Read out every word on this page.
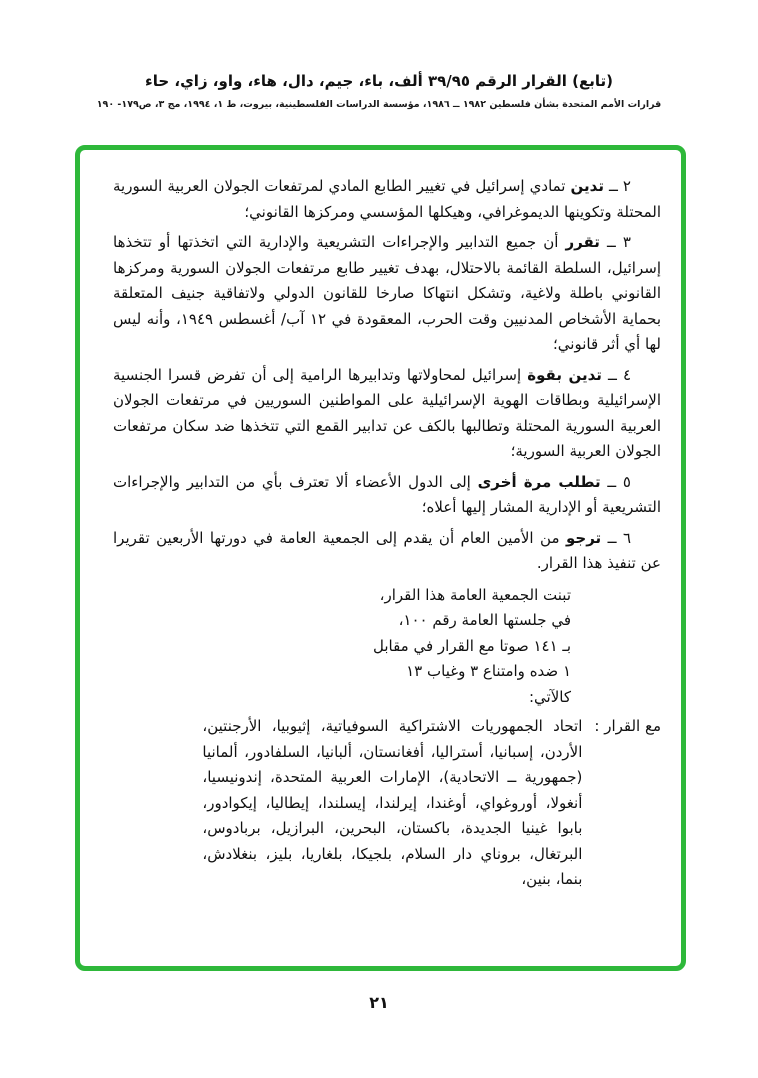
(تابع) القرار الرقم ٣٩/٩٥ ألف، باء، جيم، دال، هاء، واو، زاي، حاء
قرارات الأمم المتحدة بشأن فلسطين ١٩٨٢ ــ ١٩٨٦، مؤسسة الدراسات الفلسطينية، بيروت، ط ١، ١٩٩٤، مج ٣، ص١٧٩- ١٩٠

٢ ــ تدين تمادي إسرائيل في تغيير الطابع المادي لمرتفعات الجولان العربية السورية المحتلة وتكوينها الديموغرافي، وهيكلها المؤسسي ومركزها القانوني؛

٣ ــ تقرر أن جميع التدابير والإجراءات التشريعية والإدارية التي اتخذتها أو تتخذها إسرائيل، السلطة القائمة بالاحتلال، بهدف تغيير طابع مرتفعات الجولان السورية ومركزها القانوني باطلة ولاغية، وتشكل انتهاكا صارخا للقانون الدولي ولاتفاقية جنيف المتعلقة بحماية الأشخاص المدنيين وقت الحرب، المعقودة في ١٢ آب/ أغسطس ١٩٤٩، وأنه ليس لها أي أثر قانوني؛

٤ ــ تدين بقوة إسرائيل لمحاولاتها وتدابيرها الرامية إلى أن تفرض قسرا الجنسية الإسرائيلية وبطاقات الهوية الإسرائيلية على المواطنين السوريين في مرتفعات الجولان العربية السورية المحتلة وتطالبها بالكف عن تدابير القمع التي تتخذها ضد سكان مرتفعات الجولان العربية السورية؛

٥ ــ تطلب مرة أخرى إلى الدول الأعضاء ألا تعترف بأي من التدابير والإجراءات التشريعية أو الإدارية المشار إليها أعلاه؛

٦ ــ ترجو من الأمين العام أن يقدم إلى الجمعية العامة في دورتها الأربعين تقريرا عن تنفيذ هذا القرار.

تبنت الجمعية العامة هذا القرار،
في جلستها العامة رقم ١٠٠،
بـ ١٤١ صوتا مع القرار في مقابل
١ ضده وامتناع ٣ وغياب ١٣
كالآتي:
مع القرار :
اتحاد الجمهوريات الاشتراكية السوفياتية، إثيوبيا، الأرجنتين، الأردن، إسبانيا، أستراليا، أفغانستان، ألبانيا، السلفادور، ألمانيا (جمهورية ــ الاتحادية)، الإمارات العربية المتحدة، إندونيسيا، أنغولا، أوروغواي، أوغندا، إيرلندا، إيسلندا، إيطاليا، إيكوادور، بابوا غينيا الجديدة، باكستان، البحرين، البرازيل، بربادوس، البرتغال، بروناي دار السلام، بلجيكا، بلغاريا، بليز، بنغلادش، بنما، بنين،
٢١
